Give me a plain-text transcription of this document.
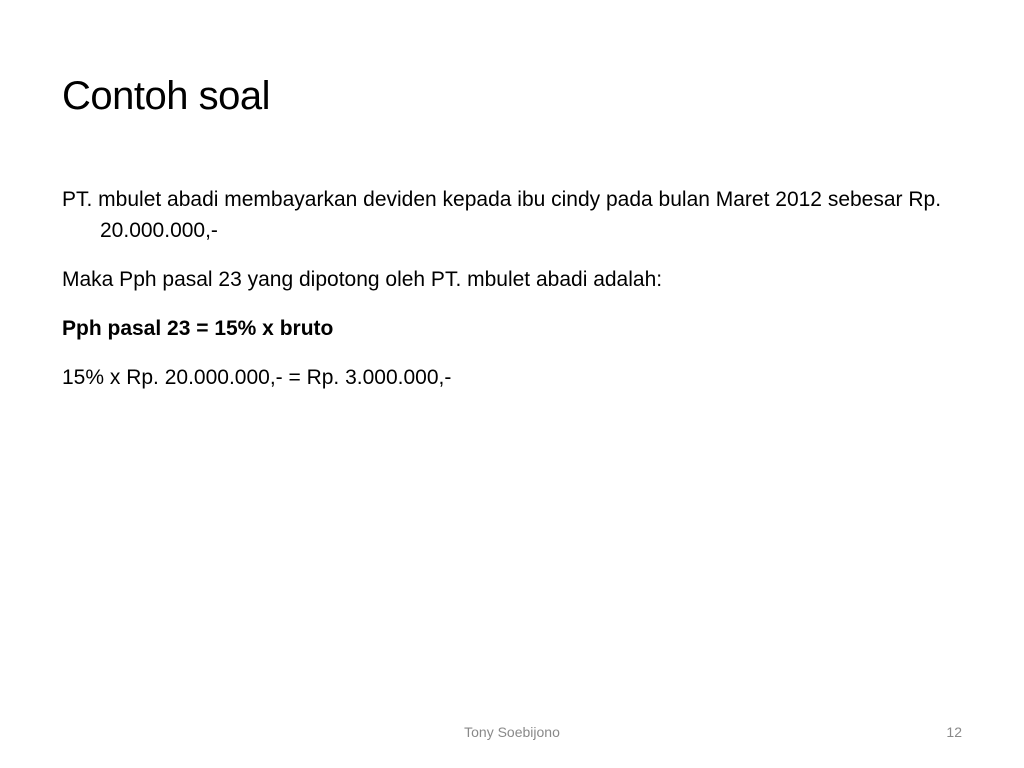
Contoh soal

PT. mbulet abadi membayarkan deviden kepada ibu cindy pada bulan Maret 2012 sebesar Rp. 20.000.000,-

Maka Pph pasal 23 yang dipotong oleh PT. mbulet abadi adalah:

Pph pasal 23 = 15% x bruto

15% x Rp. 20.000.000,- = Rp. 3.000.000,-

Tony Soebijono	12
